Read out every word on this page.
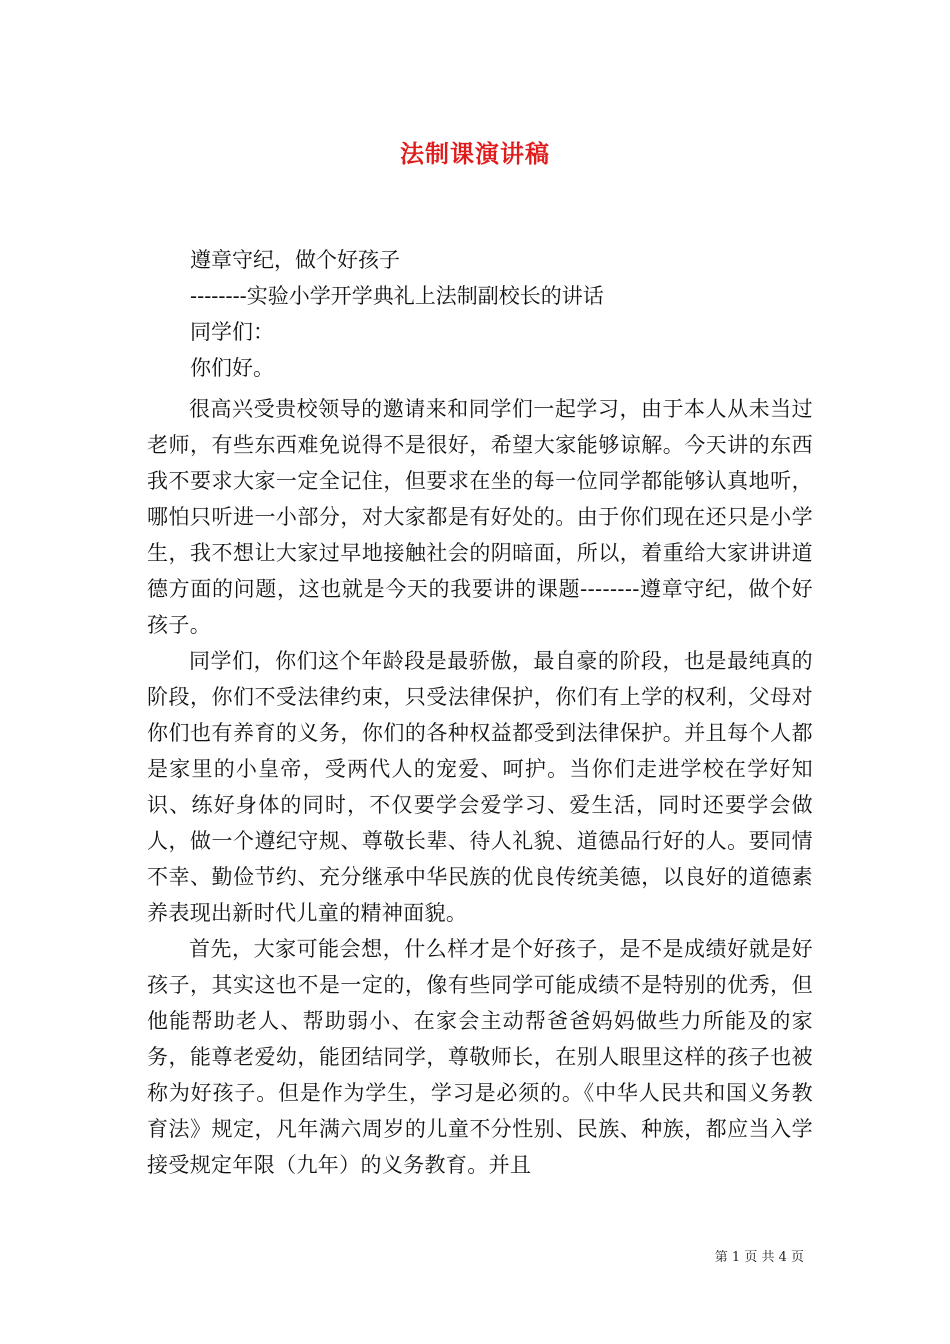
法制课演讲稿
遵章守纪，做个好孩子
--------实验小学开学典礼上法制副校长的讲话
同学们：
你们好。

很高兴受贵校领导的邀请来和同学们一起学习，由于本人从未当过老师，有些东西难免说得不是很好，希望大家能够谅解。今天讲的东西我不要求大家一定全记住，但要求在坐的每一位同学都能够认真地听，哪怕只听进一小部分，对大家都是有好处的。由于你们现在还只是小学生，我不想让大家过早地接触社会的阴暗面，所以，着重给大家讲讲道德方面的问题，这也就是今天的我要讲的课题--------遵章守纪，做个好孩子。

同学们，你们这个年龄段是最骄傲，最自豪的阶段，也是最纯真的阶段，你们不受法律约束，只受法律保护，你们有上学的权利，父母对你们也有养育的义务，你们的各种权益都受到法律保护。并且每个人都是家里的小皇帝，受两代人的宠爱、呵护。当你们走进学校在学好知识、练好身体的同时，不仅要学会爱学习、爱生活，同时还要学会做人，做一个遵纪守规、尊敬长辈、待人礼貌、道德品行好的人。要同情不幸、勤俭节约、充分继承中华民族的优良传统美德，以良好的道德素养表现出新时代儿童的精神面貌。

首先，大家可能会想，什么样才是个好孩子，是不是成绩好就是好孩子，其实这也不是一定的，像有些同学可能成绩不是特别的优秀，但他能帮助老人、帮助弱小、在家会主动帮爸爸妈妈做些力所能及的家务，能尊老爱幼，能团结同学，尊敬师长，在别人眼里这样的孩子也被称为好孩子。但是作为学生，学习是必须的。《中华人民共和国义务教育法》规定，凡年满六周岁的儿童不分性别、民族、种族，都应当入学接受规定年限（九年）的义务教育。并且

第 1 页 共 4 页
